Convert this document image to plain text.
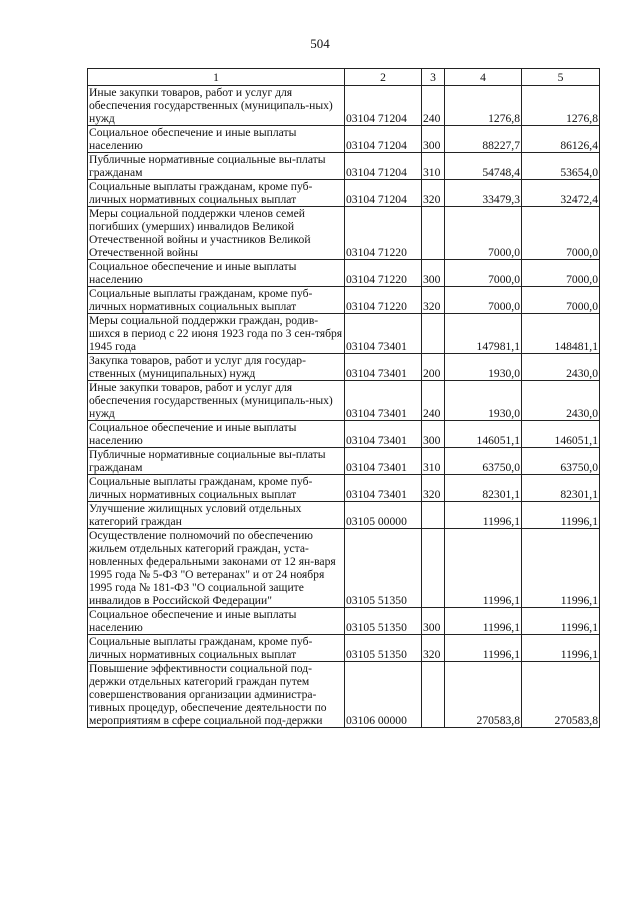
504
1	2	3	4	5
Иные закупки товаров, работ и услуг для обеспечения государственных (муниципаль-ных) нужд	03104 71204	240	1276,8	1276,8
Социальное обеспечение и иные выплаты населению	03104 71204	300	88227,7	86126,4
Публичные нормативные социальные вы-платы гражданам	03104 71204	310	54748,4	53654,0
Социальные выплаты гражданам, кроме пуб-личных нормативных социальных выплат	03104 71204	320	33479,3	32472,4
Меры социальной поддержки членов семей погибших (умерших) инвалидов Великой Отечественной войны и участников Великой Отечественной войны	03104 71220		7000,0	7000,0
Социальное обеспечение и иные выплаты населению	03104 71220	300	7000,0	7000,0
Социальные выплаты гражданам, кроме пуб-личных нормативных социальных выплат	03104 71220	320	7000,0	7000,0
Меры социальной поддержки граждан, родив-шихся в период с 22 июня 1923 года по 3 сен-тября 1945 года	03104 73401		147981,1	148481,1
Закупка товаров, работ и услуг для государ-ственных (муниципальных) нужд	03104 73401	200	1930,0	2430,0
Иные закупки товаров, работ и услуг для обеспечения государственных (муниципаль-ных) нужд	03104 73401	240	1930,0	2430,0
Социальное обеспечение и иные выплаты населению	03104 73401	300	146051,1	146051,1
Публичные нормативные социальные вы-платы гражданам	03104 73401	310	63750,0	63750,0
Социальные выплаты гражданам, кроме пуб-личных нормативных социальных выплат	03104 73401	320	82301,1	82301,1
Улучшение жилищных условий отдельных категорий граждан	03105 00000		11996,1	11996,1
Осуществление полномочий по обеспечению жильем отдельных категорий граждан, уста-новленных федеральными законами от 12 ян-варя 1995 года № 5-ФЗ "О ветеранах" и от 24 ноября 1995 года № 181-ФЗ "О социальной защите инвалидов в Российской Федерации"	03105 51350		11996,1	11996,1
Социальное обеспечение и иные выплаты населению	03105 51350	300	11996,1	11996,1
Социальные выплаты гражданам, кроме пуб-личных нормативных социальных выплат	03105 51350	320	11996,1	11996,1
Повышение эффективности социальной под-держки отдельных категорий граждан путем совершенствования организации администра-тивных процедур, обеспечение деятельности по мероприятиям в сфере социальной под-держки	03106 00000		270583,8	270583,8
